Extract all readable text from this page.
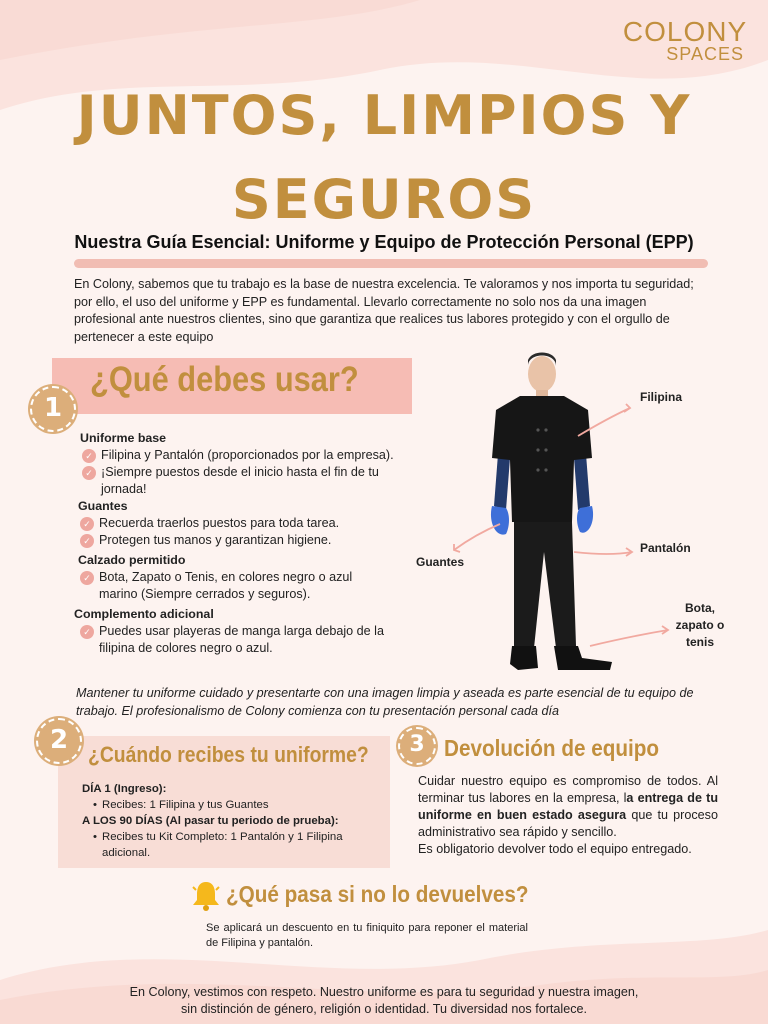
COLONY
SPACES
JUNTOS, LIMPIOS Y
SEGUROS
Nuestra Guía Esencial: Uniforme y Equipo de Protección Personal (EPP)
En Colony, sabemos que tu trabajo es la base de nuestra excelencia. Te valoramos y nos importa tu seguridad; por ello, el uso del uniforme y EPP es fundamental. Llevarlo correctamente no solo nos da una imagen profesional ante nuestros clientes, sino que garantiza que realices tus labores protegido y con el orgullo de pertenecer a este equipo
1
¿Qué debes usar?
Uniforme base
✓ Filipina y Pantalón (proporcionados por la empresa).
✓ ¡Siempre puestos desde el inicio hasta el fin de tu jornada!
Guantes
✓ Recuerda traerlos puestos para toda tarea.
✓ Protegen tus manos y garantizan higiene.
Calzado permitido
✓ Bota, Zapato o Tenis, en colores negro o azul marino (Siempre cerrados y seguros).
Complemento adicional
✓ Puedes usar playeras de manga larga debajo de la filipina de colores negro o azul.
Filipina
Pantalón
Guantes
Bota, zapato o tenis
Mantener tu uniforme cuidado y presentarte con una imagen limpia y aseada es parte esencial de tu equipo de trabajo. El profesionalismo de Colony comienza con tu presentación personal cada día
2 ¿Cuándo recibes tu uniforme?
DÍA 1 (Ingreso):
• Recibes: 1 Filipina y tus Guantes
A LOS 90 DÍAS (Al pasar tu periodo de prueba):
• Recibes tu Kit Completo: 1 Pantalón y 1 Filipina adicional.
3 Devolución de equipo
Cuidar nuestro equipo es compromiso de todos. Al terminar tus labores en la empresa, la entrega de tu uniforme en buen estado asegura que tu proceso administrativo sea rápido y sencillo.
Es obligatorio devolver todo el equipo entregado.
¿Qué pasa si no lo devuelves?
Se aplicará un descuento en tu finiquito para reponer el material de Filipina y pantalón.
En Colony, vestimos con respeto. Nuestro uniforme es para tu seguridad y nuestra imagen,
sin distinción de género, religión o identidad. Tu diversidad nos fortalece.
